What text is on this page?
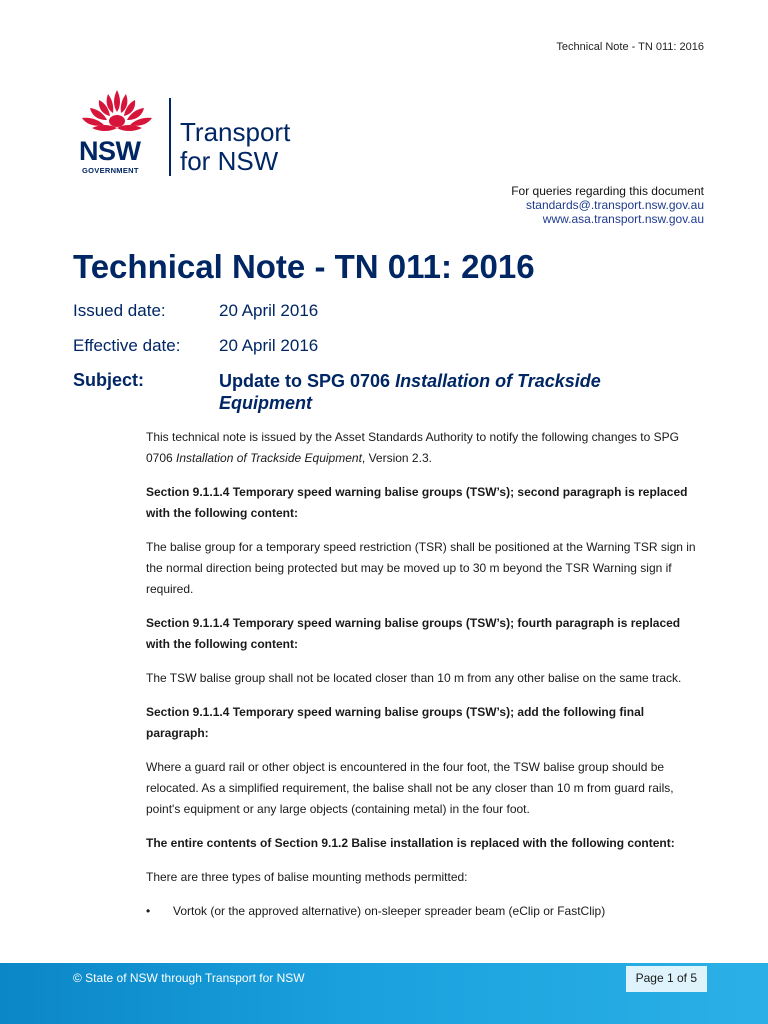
Technical Note - TN 011: 2016
NSW
GOVERNMENT
Transport
for NSW
For queries regarding this document
standards@.transport.nsw.gov.au
www.asa.transport.nsw.gov.au
Technical Note - TN 011: 2016
Issued date:	20 April 2016
Effective date: 20 April 2016
Subject:	Update to SPG 0706 Installation of Trackside Equipment

This technical note is issued by the Asset Standards Authority to notify the following changes to SPG 0706 Installation of Trackside Equipment, Version 2.3.

Section 9.1.1.4 Temporary speed warning balise groups (TSW’s); second paragraph is replaced with the following content:

The balise group for a temporary speed restriction (TSR) shall be positioned at the Warning TSR sign in the normal direction being protected but may be moved up to 30 m beyond the TSR Warning sign if required.

Section 9.1.1.4 Temporary speed warning balise groups (TSW’s); fourth paragraph is replaced with the following content:

The TSW balise group shall not be located closer than 10 m from any other balise on the same track.

Section 9.1.1.4 Temporary speed warning balise groups (TSW’s); add the following final paragraph:

Where a guard rail or other object is encountered in the four foot, the TSW balise group should be relocated. As a simplified requirement, the balise shall not be any closer than 10 m from guard rails, point's equipment or any large objects (containing metal) in the four foot.

The entire contents of Section 9.1.2 Balise installation is replaced with the following content:

There are three types of balise mounting methods permitted:

• Vortok (or the approved alternative) on-sleeper spreader beam (eClip or FastClip)

© State of NSW through Transport for NSW	Page 1 of 5
